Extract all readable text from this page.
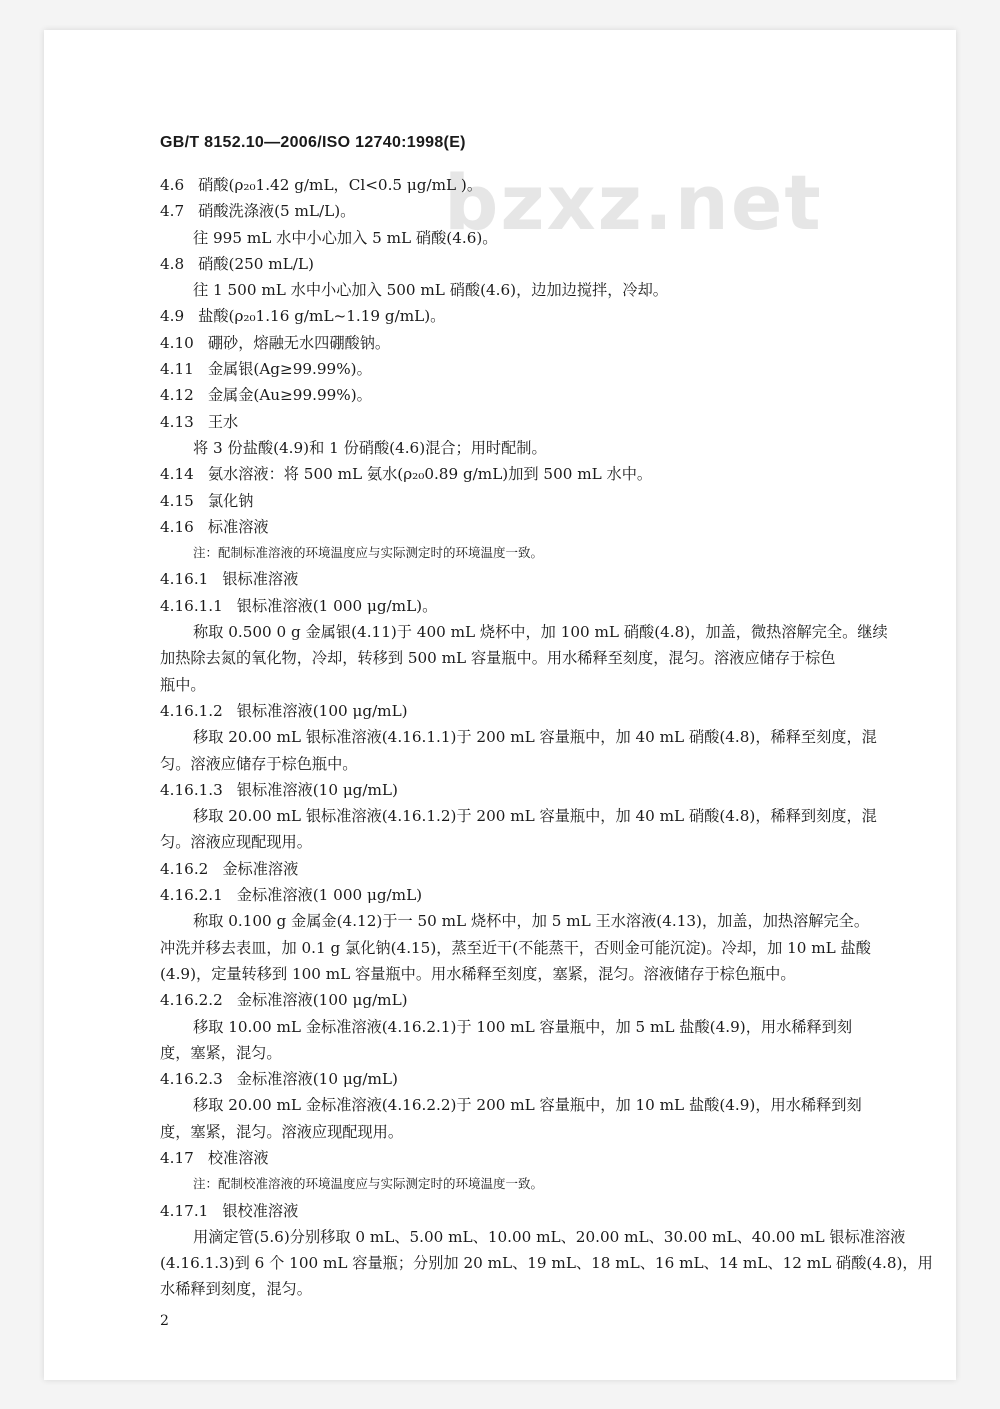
bzxz.net
GB/T 8152.10—2006/ISO 12740:1998(E)
4.6 硝酸(ρ₂₀1.42 g/mL，Cl<0.5 μg/mL )。
4.7 硝酸洗涤液(5 mL/L)。
往 995 mL 水中小心加入 5 mL 硝酸(4.6)。
4.8 硝酸(250 mL/L)
往 1 500 mL 水中小心加入 500 mL 硝酸(4.6)，边加边搅拌，冷却。
4.9 盐酸(ρ₂₀1.16 g/mL~1.19 g/mL)。
4.10 硼砂，熔融无水四硼酸钠。
4.11 金属银(Ag≥99.99%)。
4.12 金属金(Au≥99.99%)。
4.13 王水
将 3 份盐酸(4.9)和 1 份硝酸(4.6)混合；用时配制。
4.14 氨水溶液：将 500 mL 氨水(ρ₂₀0.89 g/mL)加到 500 mL 水中。
4.15 氯化钠
4.16 标准溶液
注：配制标准溶液的环境温度应与实际测定时的环境温度一致。
4.16.1 银标准溶液
4.16.1.1 银标准溶液(1 000 μg/mL)。
称取 0.500 0 g 金属银(4.11)于 400 mL 烧杯中，加 100 mL 硝酸(4.8)，加盖，微热溶解完全。继续
加热除去氮的氧化物，冷却，转移到 500 mL 容量瓶中。用水稀释至刻度，混匀。溶液应储存于棕色
瓶中。
4.16.1.2 银标准溶液(100 μg/mL)
移取 20.00 mL 银标准溶液(4.16.1.1)于 200 mL 容量瓶中，加 40 mL 硝酸(4.8)，稀释至刻度，混
匀。溶液应储存于棕色瓶中。
4.16.1.3 银标准溶液(10 μg/mL)
移取 20.00 mL 银标准溶液(4.16.1.2)于 200 mL 容量瓶中，加 40 mL 硝酸(4.8)，稀释到刻度，混
匀。溶液应现配现用。
4.16.2 金标准溶液
4.16.2.1 金标准溶液(1 000 μg/mL)
称取 0.100 g 金属金(4.12)于一 50 mL 烧杯中，加 5 mL 王水溶液(4.13)，加盖，加热溶解完全。
冲洗并移去表皿，加 0.1 g 氯化钠(4.15)，蒸至近干(不能蒸干，否则金可能沉淀)。冷却，加 10 mL 盐酸
(4.9)，定量转移到 100 mL 容量瓶中。用水稀释至刻度，塞紧，混匀。溶液储存于棕色瓶中。
4.16.2.2 金标准溶液(100 μg/mL)
移取 10.00 mL 金标准溶液(4.16.2.1)于 100 mL 容量瓶中，加 5 mL 盐酸(4.9)，用水稀释到刻
度，塞紧，混匀。
4.16.2.3 金标准溶液(10 μg/mL)
移取 20.00 mL 金标准溶液(4.16.2.2)于 200 mL 容量瓶中，加 10 mL 盐酸(4.9)，用水稀释到刻
度，塞紧，混匀。溶液应现配现用。
4.17 校准溶液
注：配制校准溶液的环境温度应与实际测定时的环境温度一致。
4.17.1 银校准溶液
用滴定管(5.6)分别移取 0 mL、5.00 mL、10.00 mL、20.00 mL、30.00 mL、40.00 mL 银标准溶液
(4.16.1.3)到 6 个 100 mL 容量瓶；分别加 20 mL、19 mL、18 mL、16 mL、14 mL、12 mL 硝酸(4.8)，用
水稀释到刻度，混匀。
2
